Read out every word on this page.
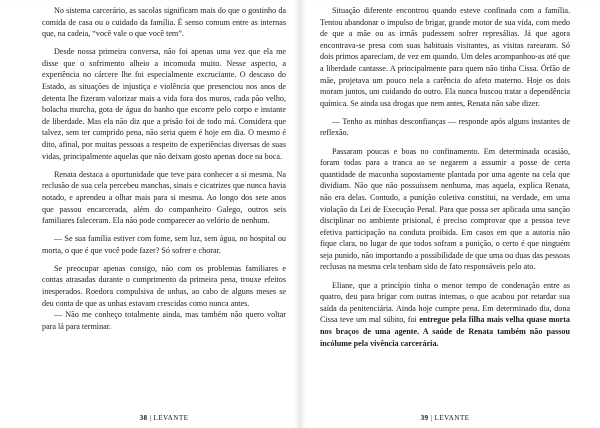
No sistema carcerário, as sacolas significam mais do que o gostinho da comida de casa ou o cuidado da família. É senso comum entre as internas que, na cadeia, “você vale o que você tem”.

Desde nossa primeira conversa, não foi apenas uma vez que ela me disse que o sofrimento alheio a incomoda muito. Nesse aspecto, a experiência no cárcere lhe foi especialmente excruciante. O descaso do Estado, as situações de injustiça e violência que presenciou nos anos de detenta lhe fizeram valorizar mais a vida fora dos muros, cada pão velho, bolacha murcha, gota de água do banho que escorre pelo corpo e instante de liberdade. Mas ela não diz que a prisão foi de todo má. Considera que talvez, sem ter cumprido pena, não seria quem é hoje em dia. O mesmo é dito, afinal, por muitas pessoas a respeito de experiências diversas de suas vidas, principalmente aquelas que não deixam gosto apenas doce na boca.

Renata destaca a oportunidade que teve para conhecer a si mesma. Na reclusão de sua cela percebeu manchas, sinais e cicatrizes que nunca havia notado, e aprendeu a olhar mais para si mesma. Ao longo dos sete anos que passou encarcerada, além do companheiro Galego, outros seis familiares faleceram. Ela não pode comparecer ao velório de nenhum.

— Se sua família estiver com fome, sem luz, sem água, no hospital ou morta, o que é que você pode fazer? Só sofrer e chorar.

Se preocupar apenas consigo, não com os problemas familiares e contas atrasadas durante o cumprimento da primeira pena, trouxe efeitos inesperados. Roedora compulsiva de unhas, ao cabo de alguns meses se deu conta de que as unhas estavam crescidas como nunca antes.

— Não me conheço totalmente ainda, mas também não quero voltar para lá para terminar.

38 | LEVANTE

Situação diferente encontrou quando esteve confinada com a família. Tentou abandonar o impulso de brigar, grande motor de sua vida, com medo de que a mãe ou as irmãs pudessem sofrer represálias. Já que agora encontrava-se presa com suas habituais visitantes, as visitas rarearam. Só dois primos apareciam, de vez em quando. Um deles acompanhou-as até que a liberdade cantasse. A principalmente para quem não tinha Cissa. Órfão de mãe, projetava um pouco nela a carência do afeto materno. Hoje os dois moram juntos, um cuidando do outro. Ela nunca buscou tratar a dependência química. Se ainda usa drogas que nem antes, Renata não sabe dizer.

— Tenho as minhas desconfianças — responde após alguns instantes de reflexão.

Passaram poucas e boas no confinamento. Em determinada ocasião, foram todas para a tranca ao se negarem a assumir a posse de certa quantidade de maconha supostamente plantada por uma agente na cela que dividiam. Não que não possuíssem nenhuma, mas aquela, explica Renata, não era delas. Contudo, a punição coletiva constitui, na verdade, em uma violação da Lei de Execução Penal. Para que possa ser aplicada uma sanção disciplinar no ambiente prisional, é preciso comprovar que a pessoa teve efetiva participação na conduta proibida. Em casos em que a autoria não fique clara, no lugar de que todos sofram a punição, o certo é que ninguém seja punido, não importando a possibilidade de que uma ou duas das pessoas reclusas na mesma cela tenham sido de fato responsáveis pelo ato.

Eliane, que a princípio tinha o menor tempo de condenação entre as quatro, deu para brigar com outras internas, o que acabou por retardar sua saída da penitenciária. Ainda hoje cumpre pena. Em determinado dia, dona Cissa teve um mal súbito, foi entregue pela filha mais velha quase morta nos braços de uma agente. A saúde de Renata também não passou incólume pela vivência carcerária.

39 | LEVANTE
